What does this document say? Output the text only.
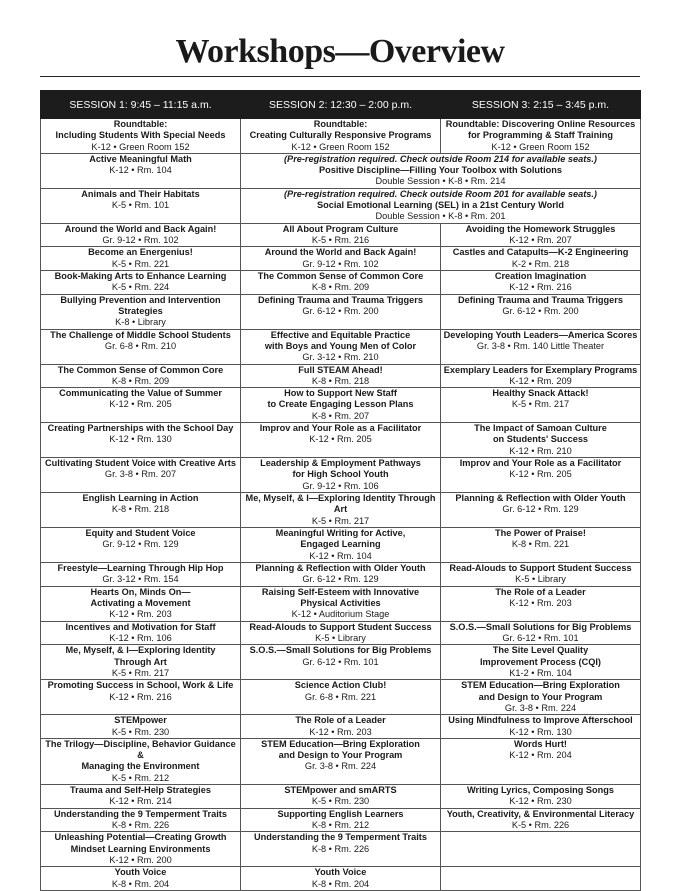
Workshops—Overview
SESSION 1: 9:45 – 11:15 a.m.	SESSION 2: 12:30 – 2:00 p.m.	SESSION 3: 2:15 – 3:45 p.m.

Roundtable:
Including Students With Special Needs
K-12 • Green Room 152	Roundtable:
Creating Culturally Responsive Programs
K-12 • Green Room 152	Roundtable: Discovering Online Resources
for Programming & Staff Training
K-12 • Green Room 152

Active Meaningful Math
K-12 • Rm. 104	(Pre-registration required. Check outside Room 214 for available seats.)
Positive Discipline—Filling Your Toolbox with Solutions
Double Session • K-8 • Rm. 214	

Animals and Their Habitats
K-5 • Rm. 101	(Pre-registration required. Check outside Room 201 for available seats.)
Social Emotional Learning (SEL) in a 21st Century World
Double Session • K-8 • Rm. 201	

Around the World and Back Again!
Gr. 9-12 • Rm. 102	All About Program Culture
K-5 • Rm. 216	Avoiding the Homework Struggles
K-12 • Rm. 207

Become an Energenius!
K-5 • Rm. 221	Around the World and Back Again!
Gr. 9-12 • Rm. 102	Castles and Catapults—K-2 Engineering
K-2 • Rm. 218

Book-Making Arts to Enhance Learning
K-5 • Rm. 224	The Common Sense of Common Core
K-8 • Rm. 209	Creation Imagination
K-12 • Rm. 216

Bullying Prevention and Intervention Strategies
K-8 • Library	Defining Trauma and Trauma Triggers
Gr. 6-12 • Rm. 200	Defining Trauma and Trauma Triggers
Gr. 6-12 • Rm. 200

The Challenge of Middle School Students
Gr. 6-8 • Rm. 210	Effective and Equitable Practice
with Boys and Young Men of Color
Gr. 3-12 • Rm. 210	Developing Youth Leaders—America Scores
Gr. 3-8 • Rm. 140 Little Theater

The Common Sense of Common Core
K-8 • Rm. 209	Full STEAM Ahead!
K-8 • Rm. 218	Exemplary Leaders for Exemplary Programs
K-12 • Rm. 209

Communicating the Value of Summer
K-12 • Rm. 205	How to Support New Staff
to Create Engaging Lesson Plans
K-8 • Rm. 207	Healthy Snack Attack!
K-5 • Rm. 217

Creating Partnerships with the School Day
K-12 • Rm. 130	Improv and Your Role as a Facilitator
K-12 • Rm. 205	The Impact of Samoan Culture
on Students' Success
K-12 • Rm. 210

Cultivating Student Voice with Creative Arts
Gr. 3-8 • Rm. 207	Leadership & Employment Pathways
for High School Youth
Gr. 9-12 • Rm. 106	Improv and Your Role as a Facilitator
K-12 • Rm. 205

English Learning in Action
K-8 • Rm. 218	Me, Myself, & I—Exploring Identity Through Art
K-5 • Rm. 217	Planning & Reflection with Older Youth
Gr. 6-12 • Rm. 129

Equity and Student Voice
Gr. 9-12 • Rm. 129	Meaningful Writing for Active,
Engaged Learning
K-12 • Rm. 104	The Power of Praise!
K-8 • Rm. 221

Freestyle—Learning Through Hip Hop
Gr. 3-12 • Rm. 154	Planning & Reflection with Older Youth
Gr. 6-12 • Rm. 129	Read-Alouds to Support Student Success
K-5 • Library

Hearts On, Minds On—
Activating a Movement
K-12 • Rm. 203	Raising Self-Esteem with Innovative
Physical Activities
K-12 • Auditorium Stage	The Role of a Leader
K-12 • Rm. 203

Incentives and Motivation for Staff
K-12 • Rm. 106	Read-Alouds to Support Student Success
K-5 • Library	S.O.S.—Small Solutions for Big Problems
Gr. 6-12 • Rm. 101

Me, Myself, & I—Exploring Identity
Through Art
K-5 • Rm. 217	S.O.S.—Small Solutions for Big Problems
Gr. 6-12 • Rm. 101	The Site Level Quality
Improvement Process (CQI)
K1-2 • Rm. 104

Promoting Success in School, Work & Life
K-12 • Rm. 216	Science Action Club!
Gr. 6-8 • Rm. 221	STEM Education—Bring Exploration
and Design to Your Program
Gr. 3-8 • Rm. 224

STEMpower
K-5 • Rm. 230	The Role of a Leader
K-12 • Rm. 203	Using Mindfulness to Improve Afterschool
K-12 • Rm. 130

The Trilogy—Discipline, Behavior Guidance &
Managing the Environment
K-5 • Rm. 212	STEM Education—Bring Exploration
and Design to Your Program
Gr. 3-8 • Rm. 224	Words Hurt!
K-12 • Rm. 204

Trauma and Self-Help Strategies
K-12 • Rm. 214	STEMpower and smARTS
K-5 • Rm. 230	Writing Lyrics, Composing Songs
K-12 • Rm. 230

Understanding the 9 Temperment Traits
K-8 • Rm. 226	Supporting English Learners
K-8 • Rm. 212	Youth, Creativity, & Environmental Literacy
K-5 • Rm. 226

Unleashing Potential—Creating Growth
Mindset Learning Environments
K-12 • Rm. 200	Understanding the 9 Temperment Traits
K-8 • Rm. 226	

Youth Voice
K-8 • Rm. 204	Youth Voice
K-8 • Rm. 204	
